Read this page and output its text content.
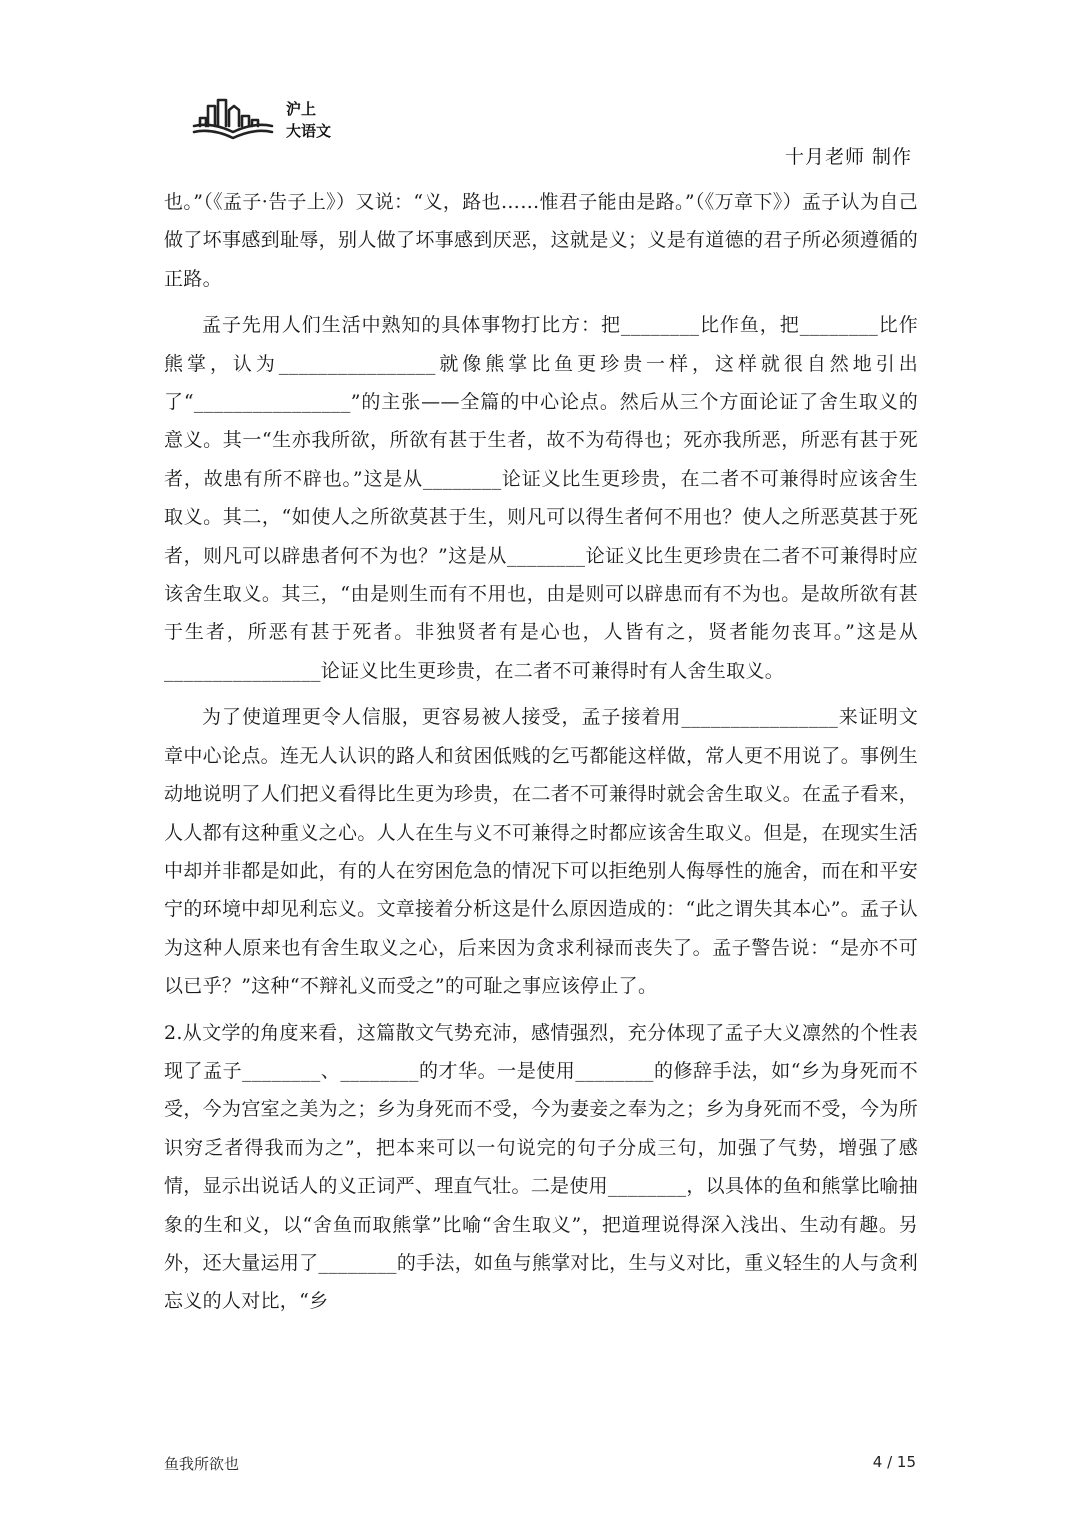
沪上
大语文
十月老师 制作

也。”（《孟子·告子上》）又说：“义，路也……惟君子能由是路。”（《万章下》）孟子认为自己做了坏事感到耻辱，别人做了坏事感到厌恶，这就是义；义是有道德的君子所必须遵循的正路。

孟子先用人们生活中熟知的具体事物打比方：把________比作鱼，把________比作熊掌，认为________________就像熊掌比鱼更珍贵一样，这样就很自然地引出了“________________”的主张——全篇的中心论点。然后从三个方面论证了舍生取义的意义。其一“生亦我所欲，所欲有甚于生者，故不为苟得也；死亦我所恶，所恶有甚于死者，故患有所不辟也。”这是从________论证义比生更珍贵，在二者不可兼得时应该舍生取义。其二，“如使人之所欲莫甚于生，则凡可以得生者何不用也？使人之所恶莫甚于死者，则凡可以辟患者何不为也？”这是从________论证义比生更珍贵在二者不可兼得时应该舍生取义。其三，“由是则生而有不用也，由是则可以辟患而有不为也。是故所欲有甚于生者，所恶有甚于死者。非独贤者有是心也，人皆有之，贤者能勿丧耳。”这是从________________论证义比生更珍贵，在二者不可兼得时有人舍生取义。

为了使道理更令人信服，更容易被人接受，孟子接着用________________来证明文章中心论点。连无人认识的路人和贫困低贱的乞丐都能这样做，常人更不用说了。事例生动地说明了人们把义看得比生更为珍贵，在二者不可兼得时就会舍生取义。在孟子看来，人人都有这种重义之心。人人在生与义不可兼得之时都应该舍生取义。但是，在现实生活中却并非都是如此，有的人在穷困危急的情况下可以拒绝别人侮辱性的施舍，而在和平安宁的环境中却见利忘义。文章接着分析这是什么原因造成的：“此之谓失其本心”。孟子认为这种人原来也有舍生取义之心，后来因为贪求利禄而丧失了。孟子警告说：“是亦不可以已乎？”这种“不辩礼义而受之”的可耻之事应该停止了。

2.从文学的角度来看，这篇散文气势充沛，感情强烈，充分体现了孟子大义凛然的个性表现了孟子________、________的才华。一是使用________的修辞手法，如“乡为身死而不受，今为宫室之美为之；乡为身死而不受，今为妻妾之奉为之；乡为身死而不受，今为所识穷乏者得我而为之”，把本来可以一句说完的句子分成三句，加强了气势，增强了感情，显示出说话人的义正词严、理直气壮。二是使用________，以具体的鱼和熊掌比喻抽象的生和义，以“舍鱼而取熊掌”比喻“舍生取义”，把道理说得深入浅出、生动有趣。另外，还大量运用了________的手法，如鱼与熊掌对比，生与义对比，重义轻生的人与贪利忘义的人对比，“乡

鱼我所欲也	4 / 15
